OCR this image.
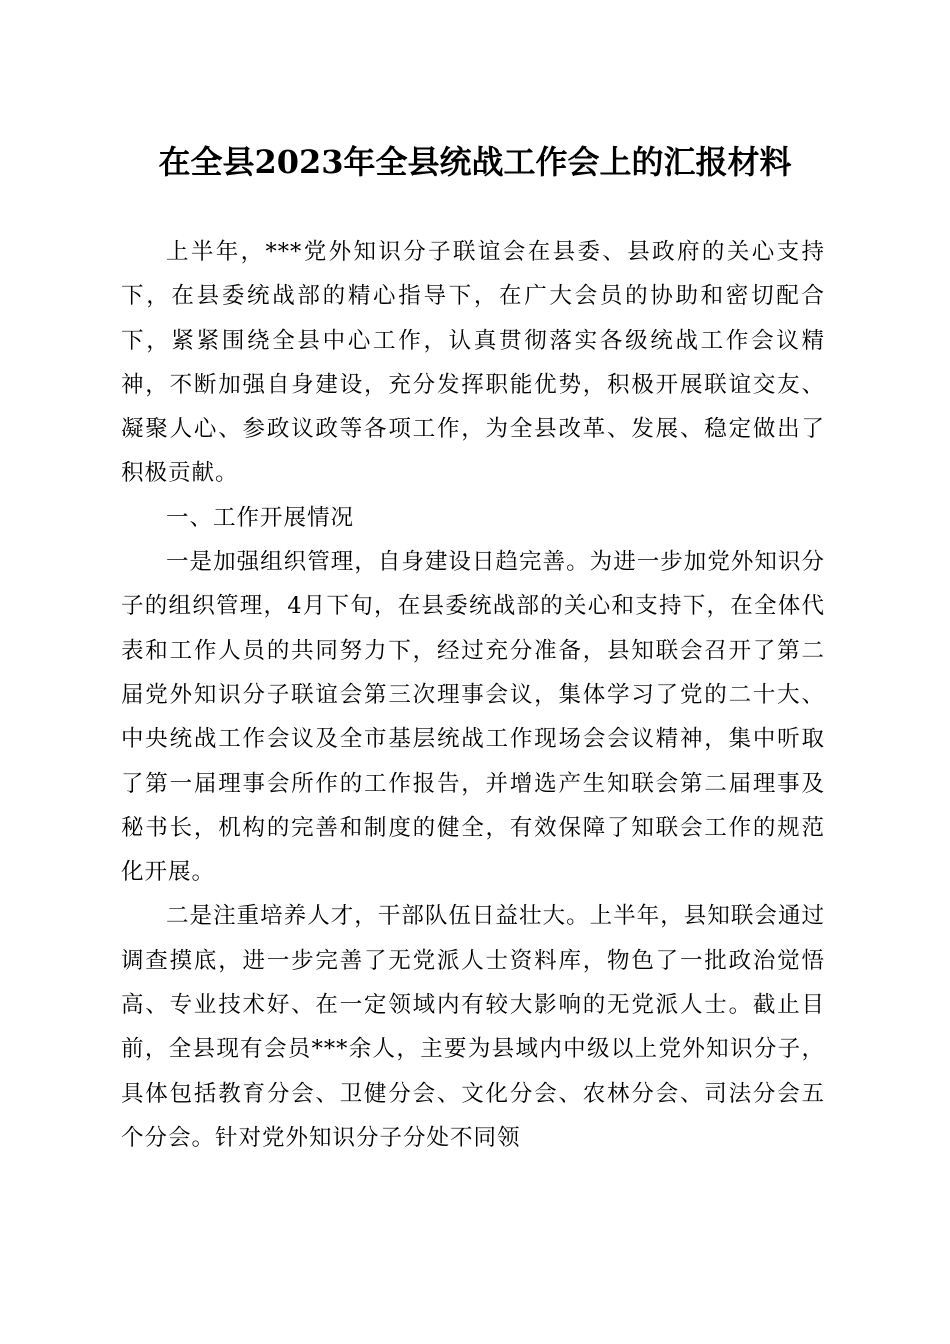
在全县2023年全县统战工作会上的汇报材料

上半年，***党外知识分子联谊会在县委、县政府的关心支持下，在县委统战部的精心指导下，在广大会员的协助和密切配合下，紧紧围绕全县中心工作，认真贯彻落实各级统战工作会议精神，不断加强自身建设，充分发挥职能优势，积极开展联谊交友、凝聚人心、参政议政等各项工作，为全县改革、发展、稳定做出了积极贡献。

一、工作开展情况

一是加强组织管理，自身建设日趋完善。为进一步加党外知识分子的组织管理，4月下旬，在县委统战部的关心和支持下，在全体代表和工作人员的共同努力下，经过充分准备，县知联会召开了第二届党外知识分子联谊会第三次理事会议，集体学习了党的二十大、中央统战工作会议及全市基层统战工作现场会会议精神，集中听取了第一届理事会所作的工作报告，并增选产生知联会第二届理事及秘书长，机构的完善和制度的健全，有效保障了知联会工作的规范化开展。

二是注重培养人才，干部队伍日益壮大。上半年，县知联会通过调查摸底，进一步完善了无党派人士资料库，物色了一批政治觉悟高、专业技术好、在一定领域内有较大影响的无党派人士。截止目前，全县现有会员***余人，主要为县域内中级以上党外知识分子，具体包括教育分会、卫健分会、文化分会、农林分会、司法分会五个分会。针对党外知识分子分处不同领
